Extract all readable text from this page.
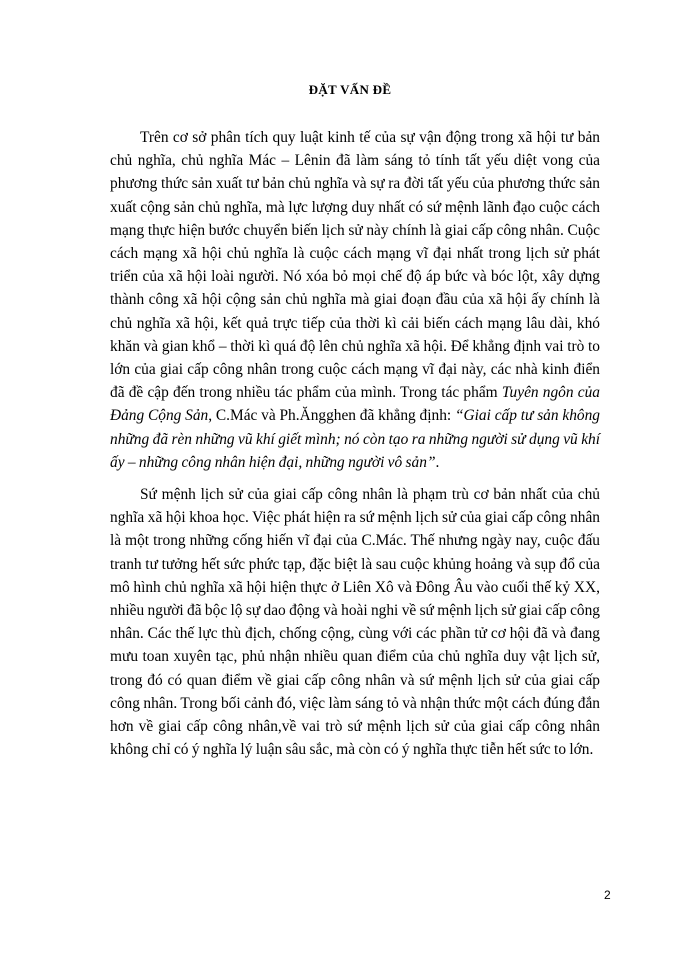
ĐẶT VẤN ĐỀ

Trên cơ sở phân tích quy luật kinh tế của sự vận động trong xã hội tư bản chủ nghĩa, chủ nghĩa Mác – Lênin đã làm sáng tỏ tính tất yếu diệt vong của phương thức sản xuất tư bản chủ nghĩa và sự ra đời tất yếu của phương thức sản xuất cộng sản chủ nghĩa, mà lực lượng duy nhất có sứ mệnh lãnh đạo cuộc cách mạng thực hiện bước chuyển biến lịch sử này chính là giai cấp công nhân. Cuộc cách mạng xã hội chủ nghĩa là cuộc cách mạng vĩ đại nhất trong lịch sử phát triển của xã hội loài người. Nó xóa bỏ mọi chế độ áp bức và bóc lột, xây dựng thành công xã hội cộng sản chủ nghĩa mà giai đoạn đầu của xã hội ấy chính là chủ nghĩa xã hội, kết quả trực tiếp của thời kì cải biến cách mạng lâu dài, khó khăn và gian khổ – thời kì quá độ lên chủ nghĩa xã hội. Để khẳng định vai trò to lớn của giai cấp công nhân trong cuộc cách mạng vĩ đại này, các nhà kinh điển đã đề cập đến trong nhiều tác phẩm của mình. Trong tác phẩm Tuyên ngôn của Đảng Cộng Sản, C.Mác và Ph.Ăngghen đã khẳng định: “Giai cấp tư sản không những đã rèn những vũ khí giết mình; nó còn tạo ra những người sử dụng vũ khí ấy – những công nhân hiện đại, những người vô sản”.

Sứ mệnh lịch sử của giai cấp công nhân là phạm trù cơ bản nhất của chủ nghĩa xã hội khoa học. Việc phát hiện ra sứ mệnh lịch sử của giai cấp công nhân là một trong những cống hiến vĩ đại của C.Mác. Thế nhưng ngày nay, cuộc đấu tranh tư tưởng hết sức phức tạp, đặc biệt là sau cuộc khủng hoảng và sụp đổ của mô hình chủ nghĩa xã hội hiện thực ở Liên Xô và Đông Âu vào cuối thế kỷ XX, nhiều người đã bộc lộ sự dao động và hoài nghi về sứ mệnh lịch sử giai cấp công nhân. Các thế lực thù địch, chống cộng, cùng với các phần tử cơ hội đã và đang mưu toan xuyên tạc, phủ nhận nhiều quan điểm của chủ nghĩa duy vật lịch sử, trong đó có quan điểm về giai cấp công nhân và sứ mệnh lịch sử của giai cấp công nhân. Trong bối cảnh đó, việc làm sáng tỏ và nhận thức một cách đúng đắn hơn về giai cấp công nhân,về vai trò sứ mệnh lịch sử của giai cấp công nhân không chỉ có ý nghĩa lý luận sâu sắc, mà còn có ý nghĩa thực tiễn hết sức to lớn.

2
